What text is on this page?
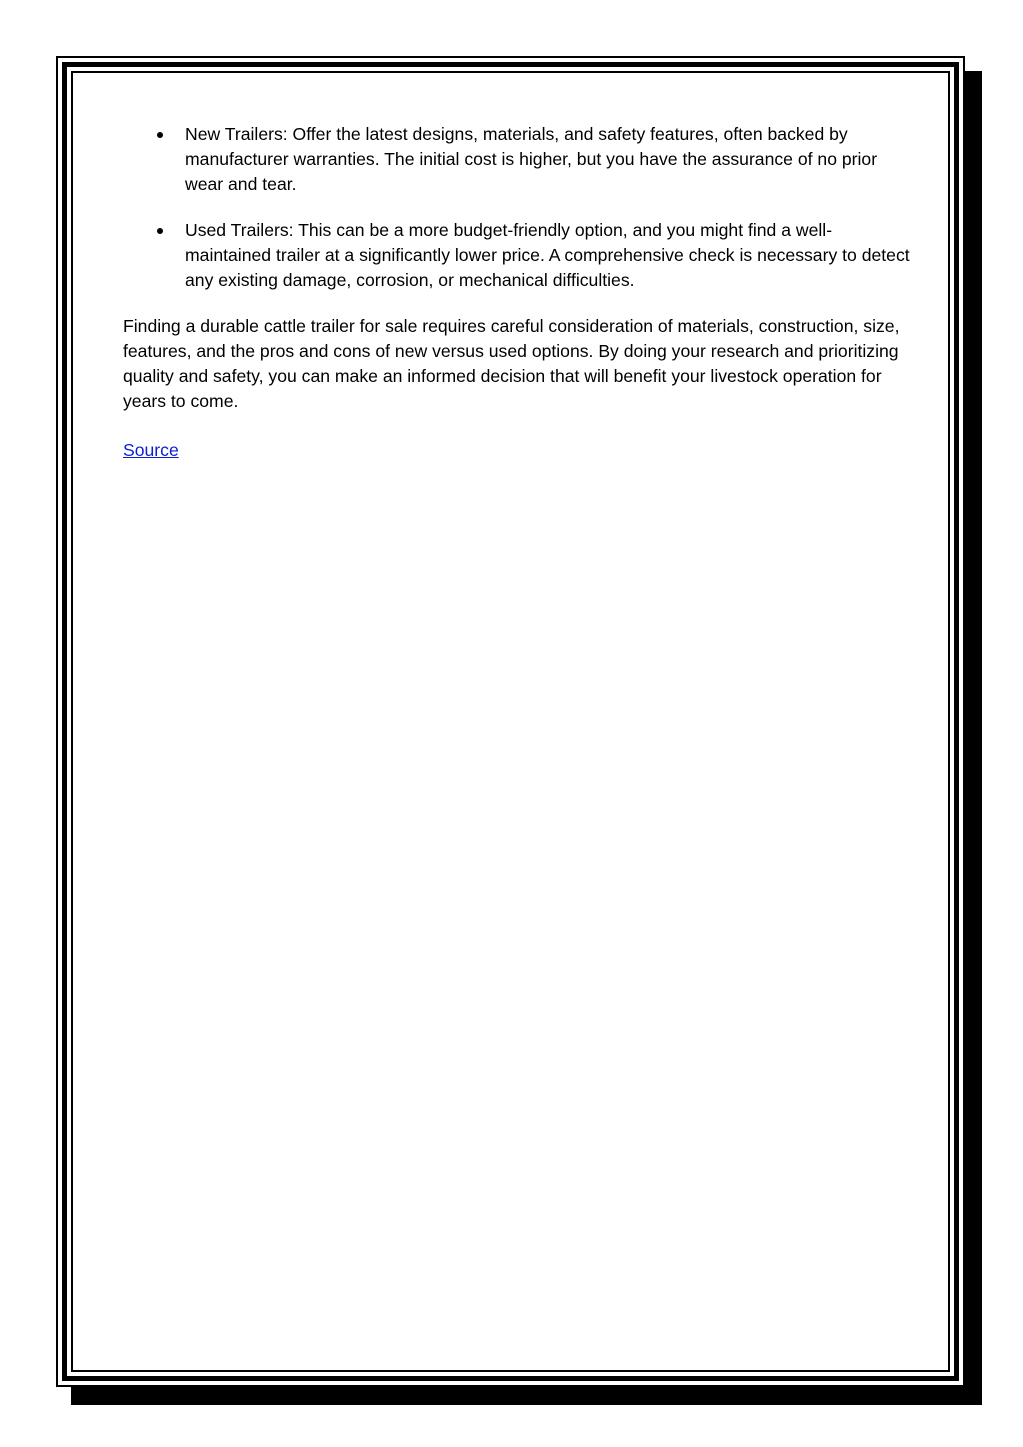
New Trailers: Offer the latest designs, materials, and safety features, often backed by manufacturer warranties. The initial cost is higher, but you have the assurance of no prior wear and tear.
Used Trailers: This can be a more budget-friendly option, and you might find a well-maintained trailer at a significantly lower price. A comprehensive check is necessary to detect any existing damage, corrosion, or mechanical difficulties.

Finding a durable cattle trailer for sale requires careful consideration of materials, construction, size, features, and the pros and cons of new versus used options. By doing your research and prioritizing quality and safety, you can make an informed decision that will benefit your livestock operation for years to come.

Source
